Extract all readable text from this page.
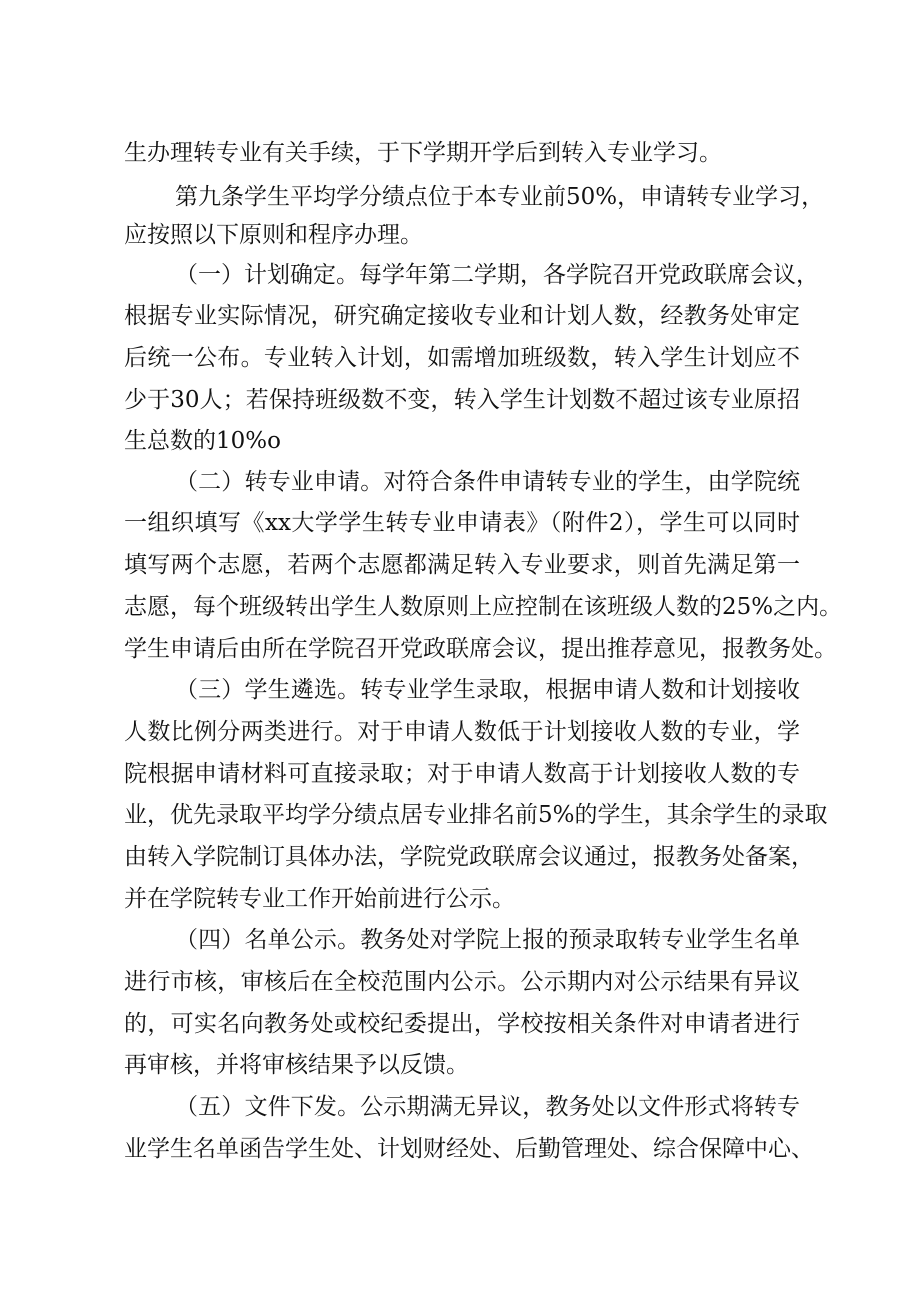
生办理转专业有关手续，于下学期开学后到转入专业学习。
第九条学生平均学分绩点位于本专业前50%，申请转专业学习，
应按照以下原则和程序办理。
（一）计划确定。每学年第二学期，各学院召开党政联席会议，
根据专业实际情况，研究确定接收专业和计划人数，经教务处审定
后统一公布。专业转入计划，如需增加班级数，转入学生计划应不
少于30人；若保持班级数不变，转入学生计划数不超过该专业原招
生总数的10%o
（二）转专业申请。对符合条件申请转专业的学生，由学院统
一组织填写《xx大学学生转专业申请表》（附件2），学生可以同时
填写两个志愿，若两个志愿都满足转入专业要求，则首先满足第一
志愿，每个班级转出学生人数原则上应控制在该班级人数的25%之内。
学生申请后由所在学院召开党政联席会议，提出推荐意见，报教务处。
（三）学生遴选。转专业学生录取，根据申请人数和计划接收
人数比例分两类进行。对于申请人数低于计划接收人数的专业，学
院根据申请材料可直接录取；对于申请人数高于计划接收人数的专
业，优先录取平均学分绩点居专业排名前5%的学生，其余学生的录取
由转入学院制订具体办法，学院党政联席会议通过，报教务处备案，
并在学院转专业工作开始前进行公示。
（四）名单公示。教务处对学院上报的预录取转专业学生名单
进行市核，审核后在全校范围内公示。公示期内对公示结果有异议
的，可实名向教务处或校纪委提出，学校按相关条件对申请者进行
再审核，并将审核结果予以反馈。
（五）文件下发。公示期满无异议，教务处以文件形式将转专
业学生名单函告学生处、计划财经处、后勤管理处、综合保障中心、
